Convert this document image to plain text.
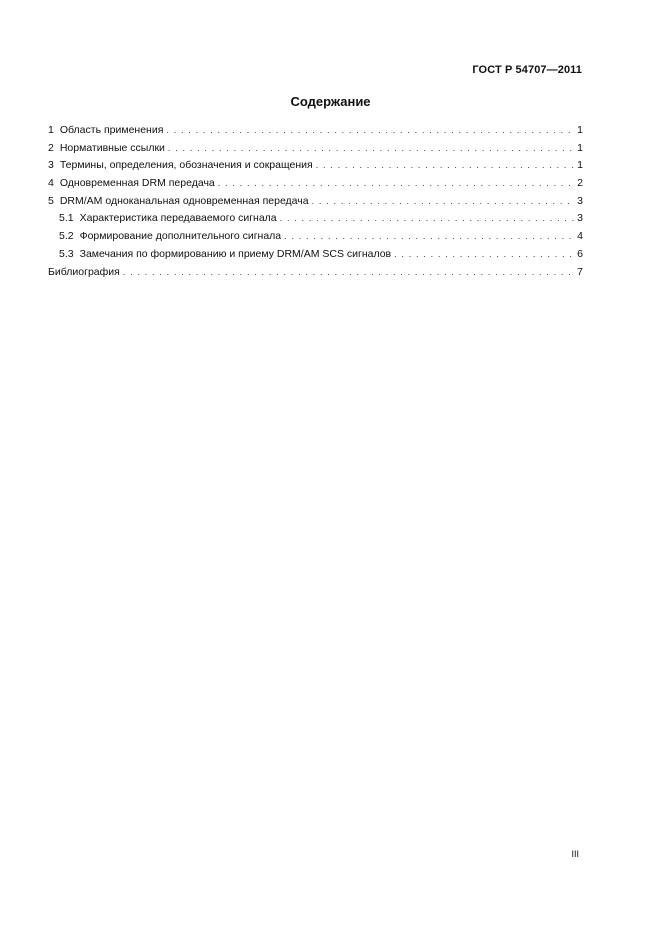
ГОСТ Р 54707—2011
Содержание
1 Область применения . . .	1
2 Нормативные ссылки . . .	1
3 Термины, определения, обозначения и сокращения . . .	1
4 Одновременная DRM передача . . .	2
5 DRM/AM одноканальная одновременная передача . . .	3
5.1 Характеристика передаваемого сигнала . . .	3
5.2 Формирование дополнительного сигнала . . .	4
5.3 Замечания по формированию и приему DRM/AM SCS сигналов . . .	6
Библиография . . .	7
III
